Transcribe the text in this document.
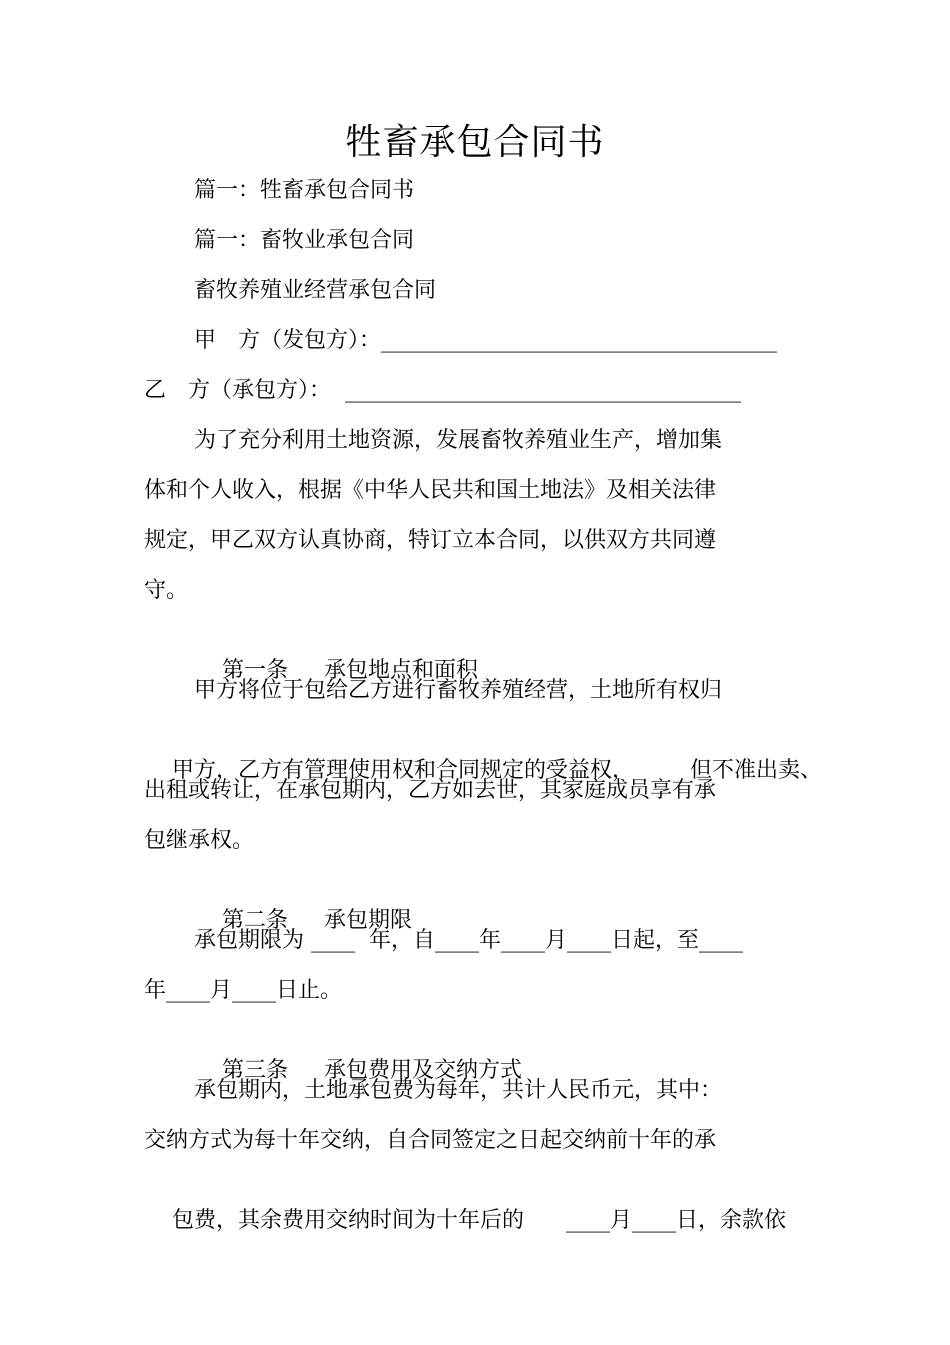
牲畜承包合同书
篇一：牲畜承包合同书
篇一：畜牧业承包合同
畜牧养殖业经营承包合同
甲　方（发包方）：____________________________________
乙　方（承包方）：  ____________________________________
为了充分利用土地资源，发展畜牧养殖业生产，增加集
体和个人收入，根据《中华人民共和国土地法》及相关法律
规定，甲乙双方认真协商，特订立本合同，以供双方共同遵
守。

第一条 承包地点和面积

甲方将位于包给乙方进行畜牧养殖经营，土地所有权归

甲方，乙方有管理使用权和合同规定的受益权，	但不准出卖、

出租或转让，在承包期内，乙方如去世，其家庭成员享有承
包继承权。

第二条 承包期限

承包期限为 ____  年，自____年____月____日起，至____
年____月____日止。

第三条 承包费用及交纳方式

承包期内，土地承包费为每年，共计人民币元，其中：
交纳方式为每十年交纳，自合同签定之日起交纳前十年的承

包费，其余费用交纳时间为十年后的 ____月____日，余款依
